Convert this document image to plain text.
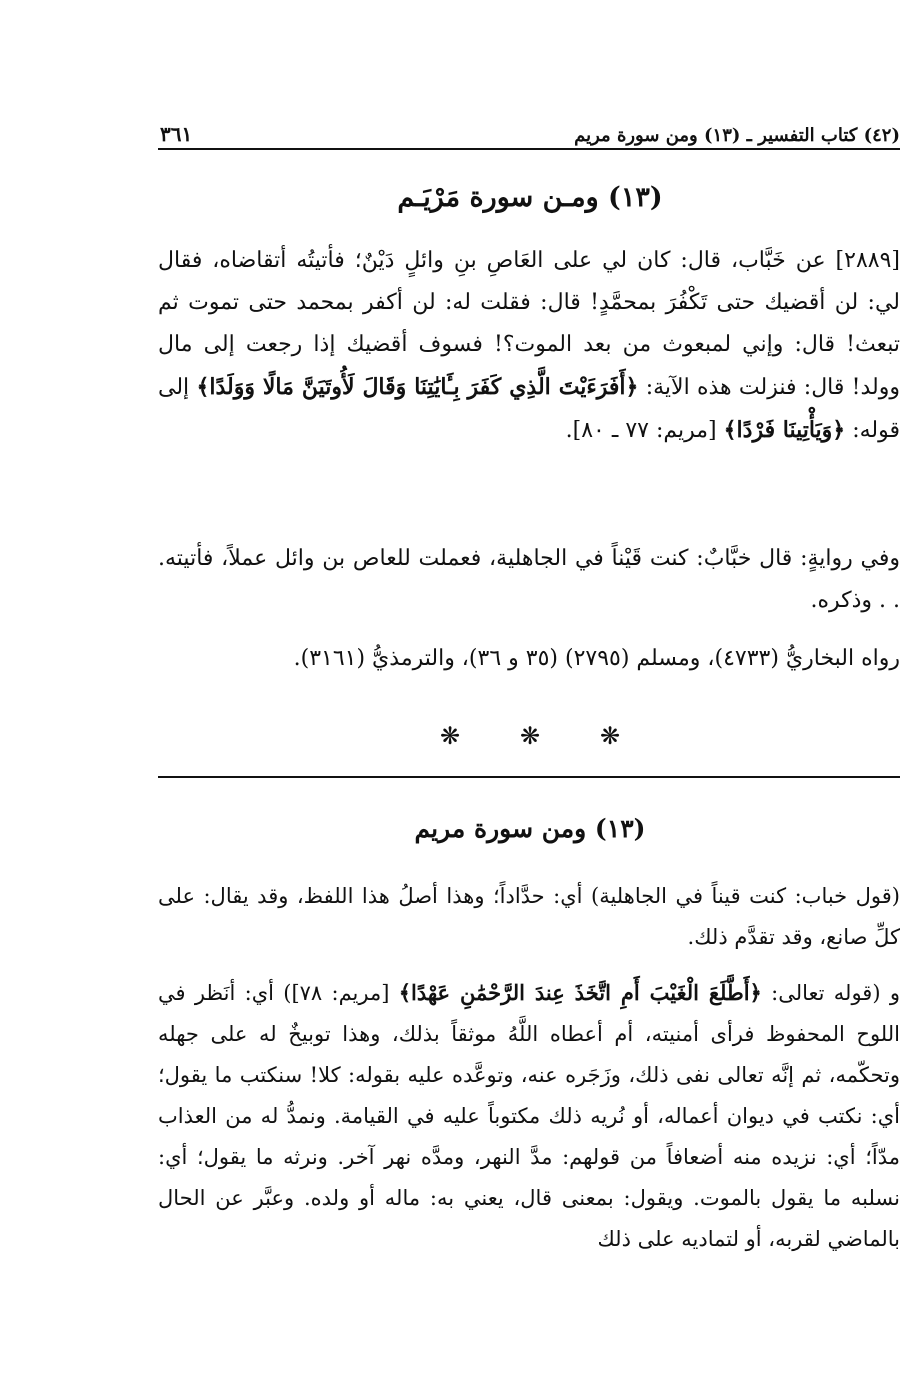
(٤٢) كتاب التفسير ـ (١٣) ومن سورة مريم
٣٦١
(١٣) ومـن سورة مَرْيَـم

[٢٨٨٩] عن خَبَّاب، قال: كان لي على العَاصِ بنِ وائلٍ دَيْنٌ؛ فأتيتُه أتقاضاه، فقال لي: لن أقضيك حتى تَكْفُرَ بمحمَّدٍ! قال: فقلت له: لن أكفر بمحمد حتى تموت ثم تبعث! قال: وإني لمبعوث من بعد الموت؟! فسوف أقضيك إذا رجعت إلى مال وولد! قال: فنزلت هذه الآية: ﴿أَفَرَءَيْتَ الَّذِي كَفَرَ بِـَٔايَٰتِنَا وَقَالَ لَأُوتَيَنَّ مَالًا وَوَلَدًا﴾ إلى قوله: ﴿وَيَأْتِينَا فَرْدًا﴾ [مريم: ٧٧ ـ ٨٠].

وفي روايةٍ: قال خبَّابٌ: كنت قَيْناً في الجاهلية، فعملت للعاص بن وائل عملاً، فأتيته. . . وذكره.

رواه البخاريُّ (٤٧٣٣)، ومسلم (٢٧٩٥) (٣٥ و ٣٦)، والترمذيُّ (٣١٦١).

❋
❋
❋
(١٣) ومن سورة مريم

(قول خباب: كنت قيناً في الجاهلية) أي: حدَّاداً؛ وهذا أصلُ هذا اللفظ، وقد يقال: على كلِّ صانع، وقد تقدَّم ذلك.

و (قوله تعالى: ﴿أَطَّلَعَ الْغَيْبَ أَمِ اتَّخَذَ عِندَ الرَّحْمَٰنِ عَهْدًا﴾ [مريم: ٧٨]) أي: أنَظر في اللوح المحفوظ فرأى أمنيته، أم أعطاه اللَّهُ موثقاً بذلك، وهذا توبيخٌ له على جهله وتحكّمه، ثم إنَّه تعالى نفى ذلك، وزَجَره عنه، وتوعَّده عليه بقوله: كلا! سنكتب ما يقول؛ أي: نكتب في ديوان أعماله، أو نُريه ذلك مكتوباً عليه في القيامة. ونمدُّ له من العذاب مدّاً؛ أي: نزيده منه أضعافاً من قولهم: مدَّ النهر، ومدَّه نهر آخر. ونرثه ما يقول؛ أي: نسلبه ما يقول بالموت. ويقول: بمعنى قال، يعني به: ماله أو ولده. وعبَّر عن الحال بالماضي لقربه، أو لتماديه على ذلك
